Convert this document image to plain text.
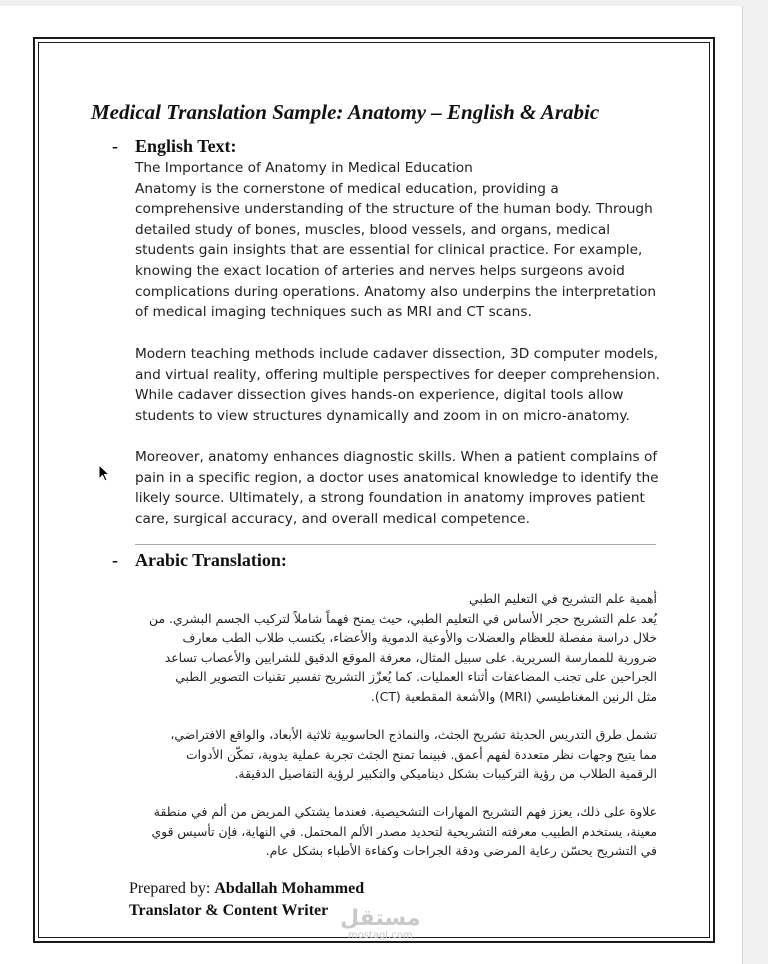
Medical Translation Sample: Anatomy – English & Arabic
- English Text:

The Importance of Anatomy in Medical Education

Anatomy is the cornerstone of medical education, providing a

comprehensive understanding of the structure of the human body. Through

detailed study of bones, muscles, blood vessels, and organs, medical

students gain insights that are essential for clinical practice. For example,

knowing the exact location of arteries and nerves helps surgeons avoid

complications during operations. Anatomy also underpins the interpretation

of medical imaging techniques such as MRI and CT scans.

Modern teaching methods include cadaver dissection, 3D computer models,

and virtual reality, offering multiple perspectives for deeper comprehension.

While cadaver dissection gives hands-on experience, digital tools allow

students to view structures dynamically and zoom in on micro-anatomy.

Moreover, anatomy enhances diagnostic skills. When a patient complains of

pain in a specific region, a doctor uses anatomical knowledge to identify the

likely source. Ultimately, a strong foundation in anatomy improves patient

care, surgical accuracy, and overall medical competence.

- Arabic Translation:

أهمية علم التشريح في التعليم الطبي

يُعد علم التشريح حجر الأساس في التعليم الطبي، حيث يمنح فهماً شاملاً لتركيب الجسم البشري. من

خلال دراسة مفصلة للعظام والعضلات والأوعية الدموية والأعضاء، يكتسب طلاب الطب معارف

ضرورية للممارسة السريرية. على سبيل المثال، معرفة الموقع الدقيق للشرايين والأعصاب تساعد

الجراحين على تجنب المضاعفات أثناء العمليات. كما يُعزّز التشريح تفسير تقنيات التصوير الطبي

مثل الرنين المغناطيسي (MRI) والأشعة المقطعية (CT).

تشمل طرق التدريس الحديثة تشريح الجثث، والنماذج الحاسوبية ثلاثية الأبعاد، والواقع الافتراضي،

مما يتيح وجهات نظر متعددة لفهم أعمق. فبينما تمنح الجثث تجربة عملية يدوية، تمكّن الأدوات

الرقمية الطلاب من رؤية التركيبات بشكل ديناميكي والتكبير لرؤية التفاصيل الدقيقة.

علاوة على ذلك، يعزز فهم التشريح المهارات التشخيصية. فعندما يشتكي المريض من ألم في منطقة

معينة، يستخدم الطبيب معرفته التشريحية لتحديد مصدر الألم المحتمل. في النهاية، فإن تأسيس قوي

في التشريح يحسّن رعاية المرضى ودقة الجراحات وكفاءة الأطباء بشكل عام.

Prepared by: Abdallah Mohammed

Translator & Content Writer مستقل
mostaql.com
